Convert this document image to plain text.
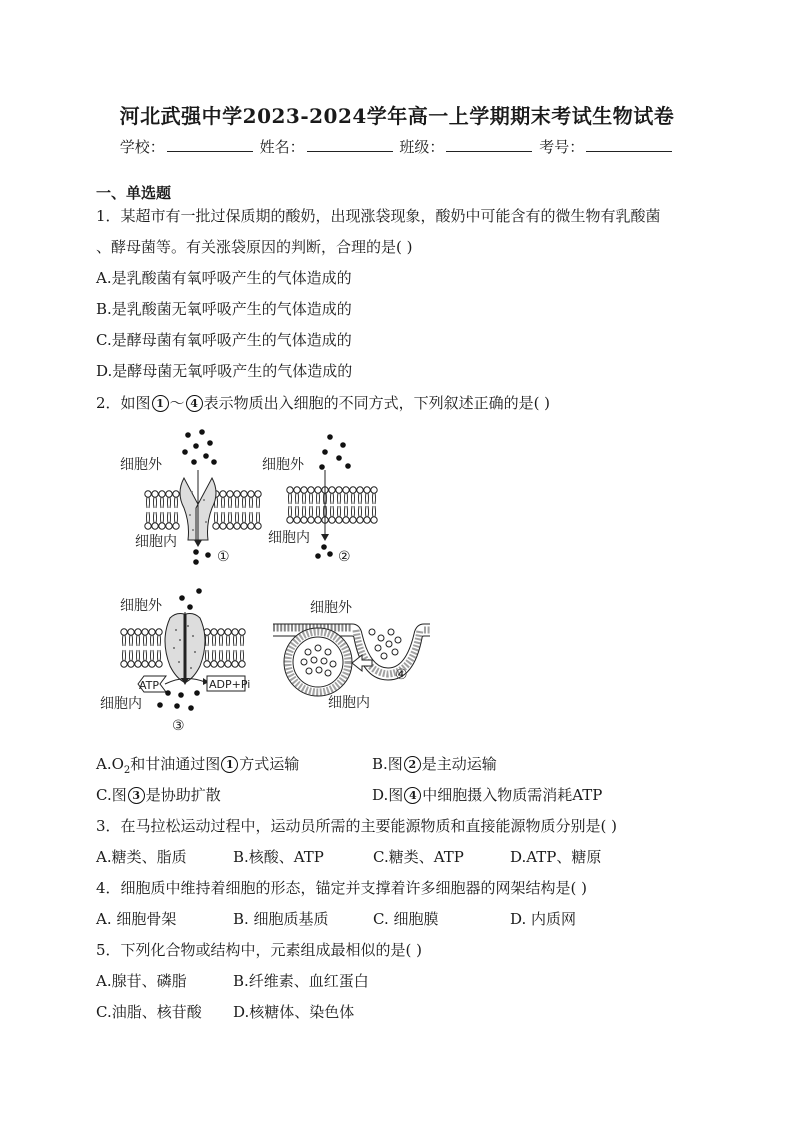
河北武强中学2023-2024学年高一上学期期末考试生物试卷
学校：	姓名：	班级：	考号：
一、单选题
1．某超市有一批过保质期的酸奶，出现涨袋现象，酸奶中可能含有的微生物有乳酸菌
、酵母菌等。有关涨袋原因的判断，合理的是( )
A.是乳酸菌有氧呼吸产生的气体造成的
B.是乳酸菌无氧呼吸产生的气体造成的
C.是酵母菌有氧呼吸产生的气体造成的
D.是酵母菌无氧呼吸产生的气体造成的
2．如图 1 ～ 4 表示物质出入细胞的不同方式，下列叙述正确的是( )
细胞外
细胞内
①
细胞外
细胞内
②
细胞外
ATP	ADP+Pi
细胞内
③
细胞外
④
细胞内
$A.O_2$和甘油通过图 1 方式运输	B.图 2 是主动运输
C.图 3 是协助扩散	D.图 4 中细胞摄入物质需消耗ATP
3．在马拉松运动过程中，运动员所需的主要能源物质和直接能源物质分别是( )
A.糖类、脂质	B.核酸、ATP	C.糖类、ATP	D.ATP、糖原
4．细胞质中维持着细胞的形态，锚定并支撑着许多细胞器的网架结构是( )
A. 细胞骨架	B. 细胞质基质	C. 细胞膜	D. 内质网
5．下列化合物或结构中，元素组成最相似的是( )
A.腺苷、磷脂	B.纤维素、血红蛋白
C.油脂、核苷酸 D.核糖体、染色体
